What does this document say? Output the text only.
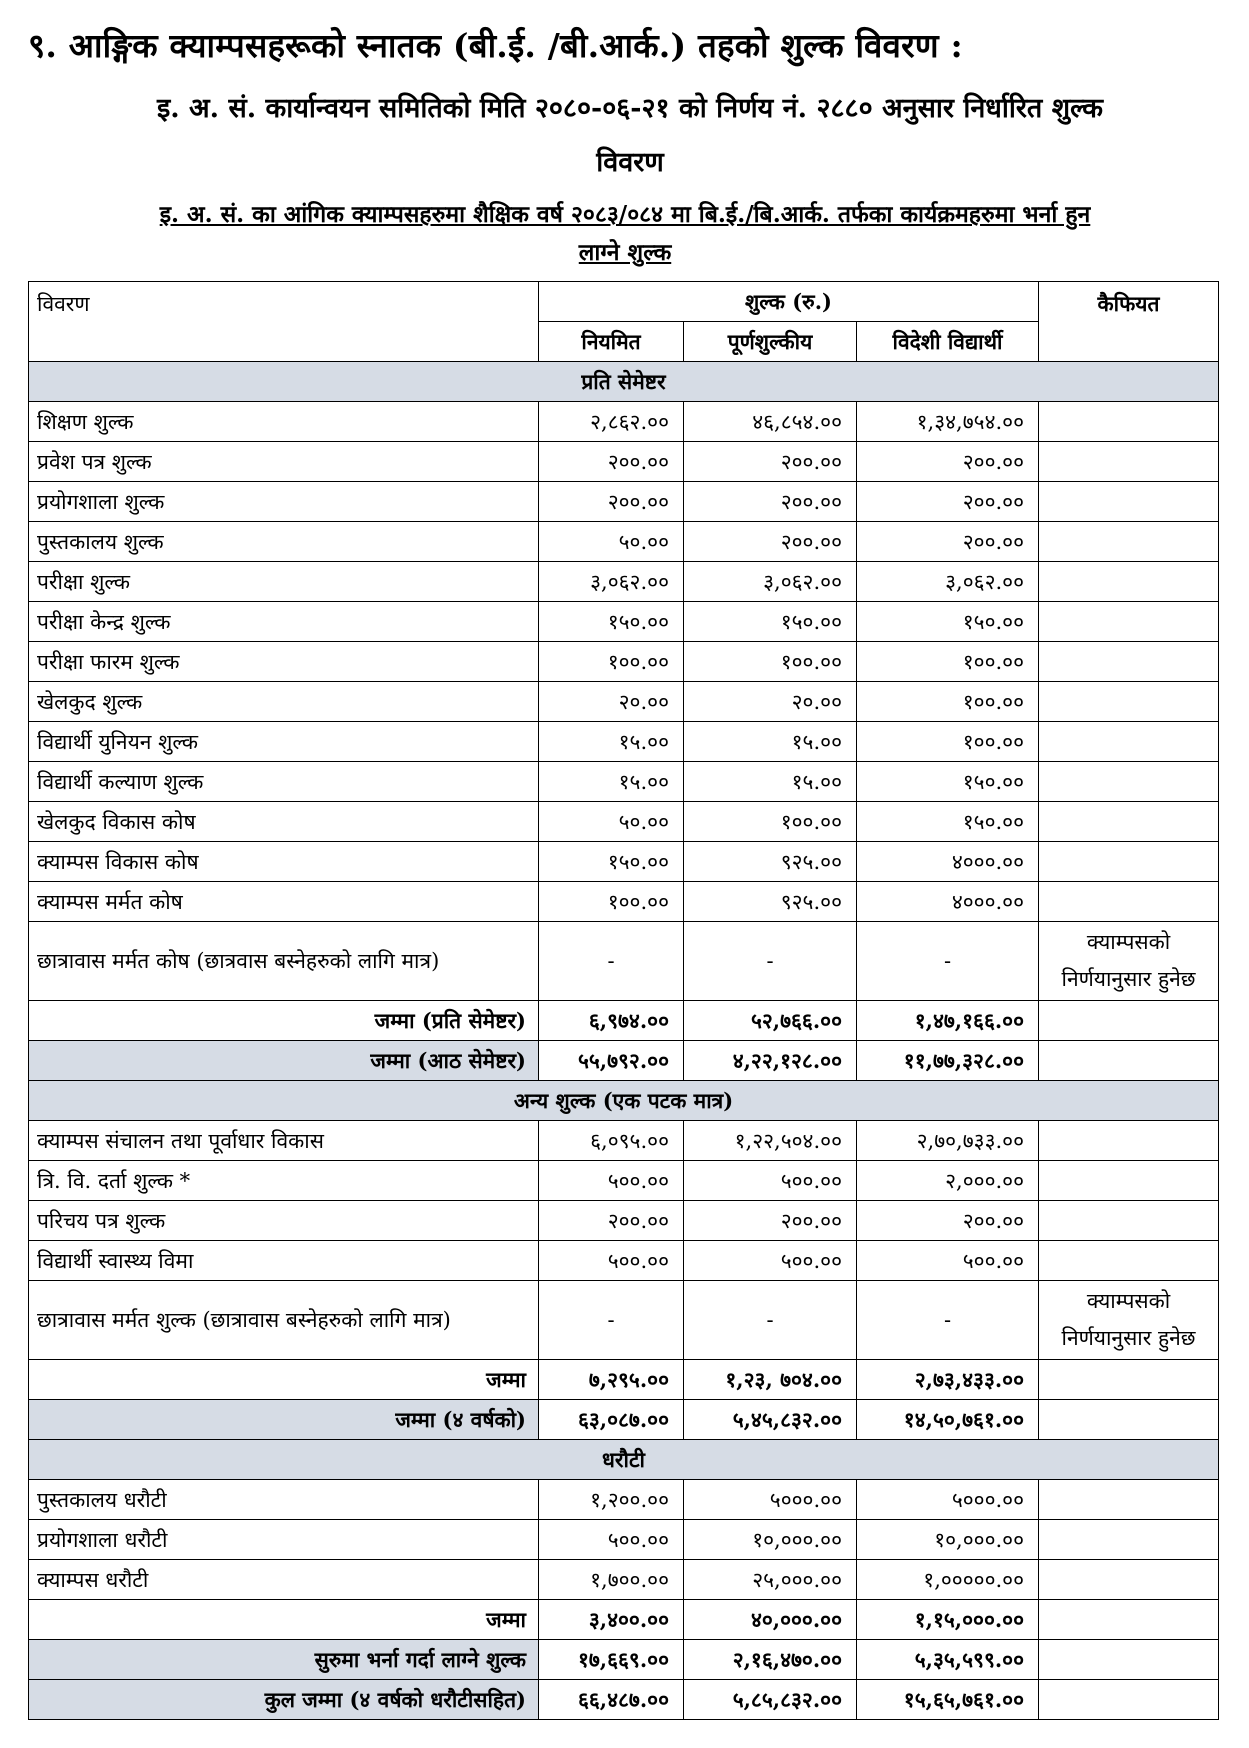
९. आङ्गिक क्याम्पसहरूको स्नातक (बी.ई. /बी.आर्क.) तहको शुल्क विवरण :
इ. अ. सं. कार्यान्वयन समितिको मिति २०८०-०६-२१ को निर्णय नं. २८८० अनुसार निर्धारित शुल्क
विवरण
इ. अ. सं. का आंगिक क्याम्पसहरुमा शैक्षिक वर्ष २०८३/०८४ मा बि.ई./बि.आर्क. तर्फका कार्यक्रमहरुमा भर्ना हुन
लाग्ने शुल्क
विवरण	शुल्क (रु.)			कैफियत
	नियमित	पूर्णशुल्कीय	विदेशी विद्यार्थी	
प्रति सेमेष्टर				
शिक्षण शुल्क	२,८६२.००	४६,८५४.००	१,३४,७५४.००	
प्रवेश पत्र शुल्क	२००.००	२००.००	२००.००	
प्रयोगशाला शुल्क	२००.००	२००.००	२००.००	
पुस्तकालय शुल्क	५०.००	२००.००	२००.००	
परीक्षा शुल्क	३,०६२.००	३,०६२.००	३,०६२.००	
परीक्षा केन्द्र शुल्क	१५०.००	१५०.००	१५०.००	
परीक्षा फारम शुल्क	१००.००	१००.००	१००.००	
खेलकुद शुल्क	२०.००	२०.००	१००.००	
विद्यार्थी युनियन शुल्क	१५.००	१५.००	१००.००	
विद्यार्थी कल्याण शुल्क	१५.००	१५.००	१५०.००	
खेलकुद विकास कोष	५०.००	१००.००	१५०.००	
क्याम्पस विकास कोष	१५०.००	९२५.००	४०००.००	
क्याम्पस मर्मत कोष	१००.००	९२५.००	४०००.००	
छात्रावास मर्मत कोष (छात्रवास बस्नेहरुको लागि मात्र)	-	-	-	क्याम्पसको निर्णयानुसार हुनेछ
जम्मा (प्रति सेमेष्टर)	६,९७४.००	५२,७६६.००	१,४७,१६६.००	
जम्मा (आठ सेमेष्टर)	५५,७९२.००	४,२२,१२८.००	११,७७,३२८.००	
अन्य शुल्क (एक पटक मात्र)				
क्याम्पस संचालन तथा पूर्वाधार विकास	६,०९५.००	१,२२,५०४.००	२,७०,७३३.००	
त्रि. वि. दर्ता शुल्क *	५००.००	५००.००	२,०००.००	
परिचय पत्र शुल्क	२००.००	२००.००	२००.००	
विद्यार्थी स्वास्थ्य विमा	५००.००	५००.००	५००.००	
छात्रावास मर्मत शुल्क (छात्रावास बस्नेहरुको लागि मात्र)	-	-	-	क्याम्पसको निर्णयानुसार हुनेछ
जम्मा	७,२९५.००	१,२३, ७०४.००	२,७३,४३३.००	
जम्मा (४ वर्षको)	६३,०८७.००	५,४५,८३२.००	१४,५०,७६१.००	
धरौटी				
पुस्तकालय धरौटी	१,२००.००	५०००.००	५०००.००	
प्रयोगशाला धरौटी	५००.००	१०,०००.००	१०,०००.००	
क्याम्पस धरौटी	१,७००.००	२५,०००.००	१,०००००.००	
जम्मा	३,४००.००	४०,०००.००	१,१५,०००.००	
सुरुमा भर्ना गर्दा लाग्ने शुल्क	१७,६६९.००	२,१६,४७०.००	५,३५,५९९.००	
कुल जम्मा (४ वर्षको धरौटीसहित)	६६,४८७.००	५,८५,८३२.००	१५,६५,७६१.००	
